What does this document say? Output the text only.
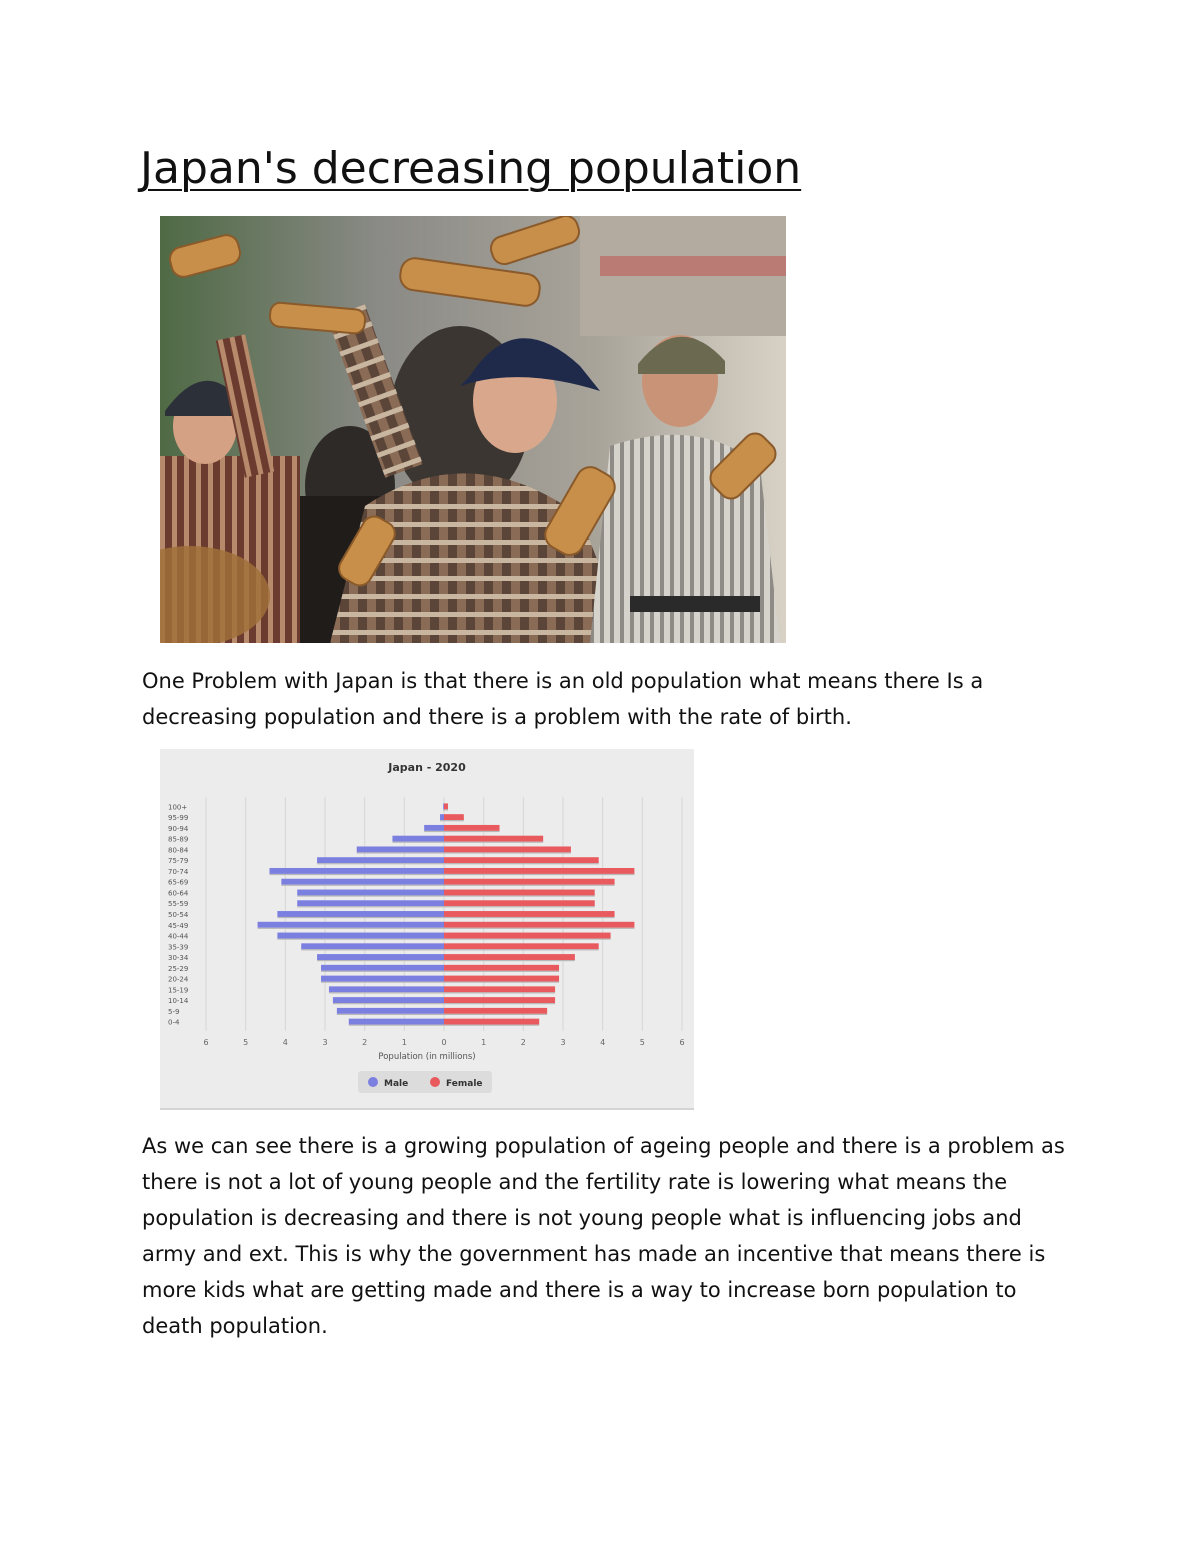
Japan's decreasing population

One Problem with Japan is that there is an old population what means there Is a decreasing population and there is a problem with the rate of birth.

100+
95-99
90-94
85-89
80-84
75-79
70-74
65-69
60-64
55-59
50-54
45-49
40-44
35-39
30-34
25-29
20-24
15-19
10-14
5-9
0-4
6	5	4	3	2	1	0	1	2	3	4	5	6
Japan - 2020
Population (in millions)
Male	Female

As we can see there is a growing population of ageing people and there is a problem as there is not a lot of young people and the fertility rate is lowering what means the population is decreasing and there is not young people what is influencing jobs and army and ext. This is why the government has made an incentive that means there is more kids what are getting made and there is a way to increase born population to death population.
